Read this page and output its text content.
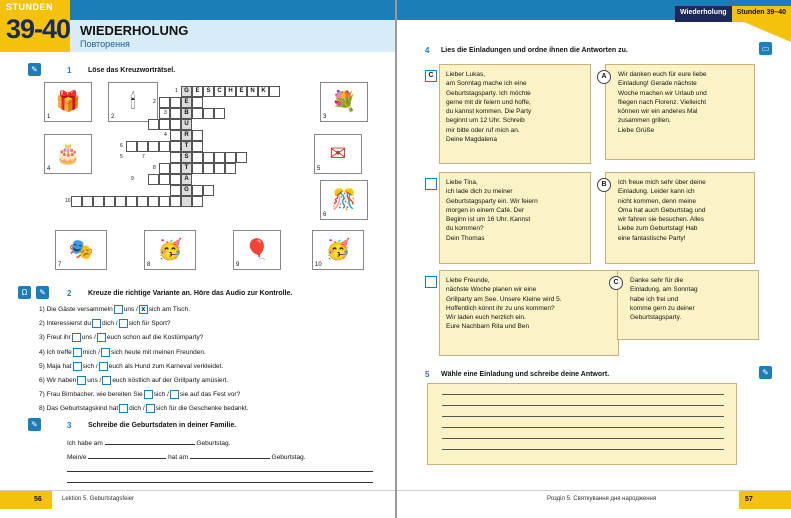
STUNDEN
39-40 WIEDERHOLUNG
Повторення
✎	1 Löse das Kreuzworträtsel.
🎁
1
🕯
2
💐
3
🎂
4
✉
5
🎊
6
🎭
7
🥳
8
🎈
9
🥳
10
G	E	S	C	H	E	N	K
E
B
U
R
T
S
T
A
G
1
2
3
4
5
6
7
8
9
10
Ω	✎	2 Kreuze die richtige Variante an. Höre das Audio zur Kontrolle.
1) Die Gäste versammeln uns / x sich am Tisch.
2) Interessierst du dich / sich für Sport?
3) Freut ihr uns / euch schon auf die Kostümparty?
4) Ich treffe mich / sich heute mit meinen Freunden.
5) Maja hat sich / euch als Hund zum Karneval verkleidet.
6) Wir haben uns / euch köstlich auf der Grillparty amüsiert.
7) Frau Birnbacher, wie bereiten Sie sich / sie auf das Fest vor?
8) Das Geburtstagskind hat dich / sich für die Geschenke bedankt.
✎	3 Schreibe die Geburtsdaten in deiner Familie.
Ich habe am	Geburtstag.
Mein/e	hat am	Geburtstag.
56	Lektion 5. Geburtstagsfeier
Wiederholung	Stunden 39–40
4 Lies die Einladungen und ordne ihnen die Antworten zu.	▭
C	Lieber Lukas,
am Sonntag mache ich eine
Geburtstagsparty. Ich möchte
gerne mit dir feiern und hoffe,
du kannst kommen. Die Party
beginnt um 12 Uhr. Schreib
mir bitte oder ruf mich an.
Deine Magdalena
Liebe Tina,
ich lade dich zu meiner
Geburtstagsparty ein. Wir feiern
morgen in einem Café. Der
Beginn ist um 16 Uhr. Kannst
du kommen?
Dein Thomas
Liebe Freunde,
nächste Woche planen wir eine
Grillparty am See. Unsere Kleine wird 5.
Hoffentlich könnt ihr zu uns kommen?
Wir laden euch herzlich ein.
Eure Nachbarn Rita und Ben
Wir danken euch für eure liebe
Einladung! Gerade nächste
Woche machen wir Urlaub und
fliegen nach Florenz. Vielleicht
können wir ein anderes Mal
zusammen grillen.
Liebe Grüße
A
Ich freue mich sehr über deine
Einladung. Leider kann ich
nicht kommen, denn meine
Oma hat auch Geburtstag und
wir fahren sie besuchen. Alles
Liebe zum Geburtstag! Hab
eine fantastische Party!
B
Danke sehr für die
Einladung, am Sonntag
habe ich frei und
komme gern zu deiner
Geburtstagsparty.
C
5 Wähle eine Einladung und schreibe deine Antwort.	✎
Розділ 5. Святкування дня народження	57
